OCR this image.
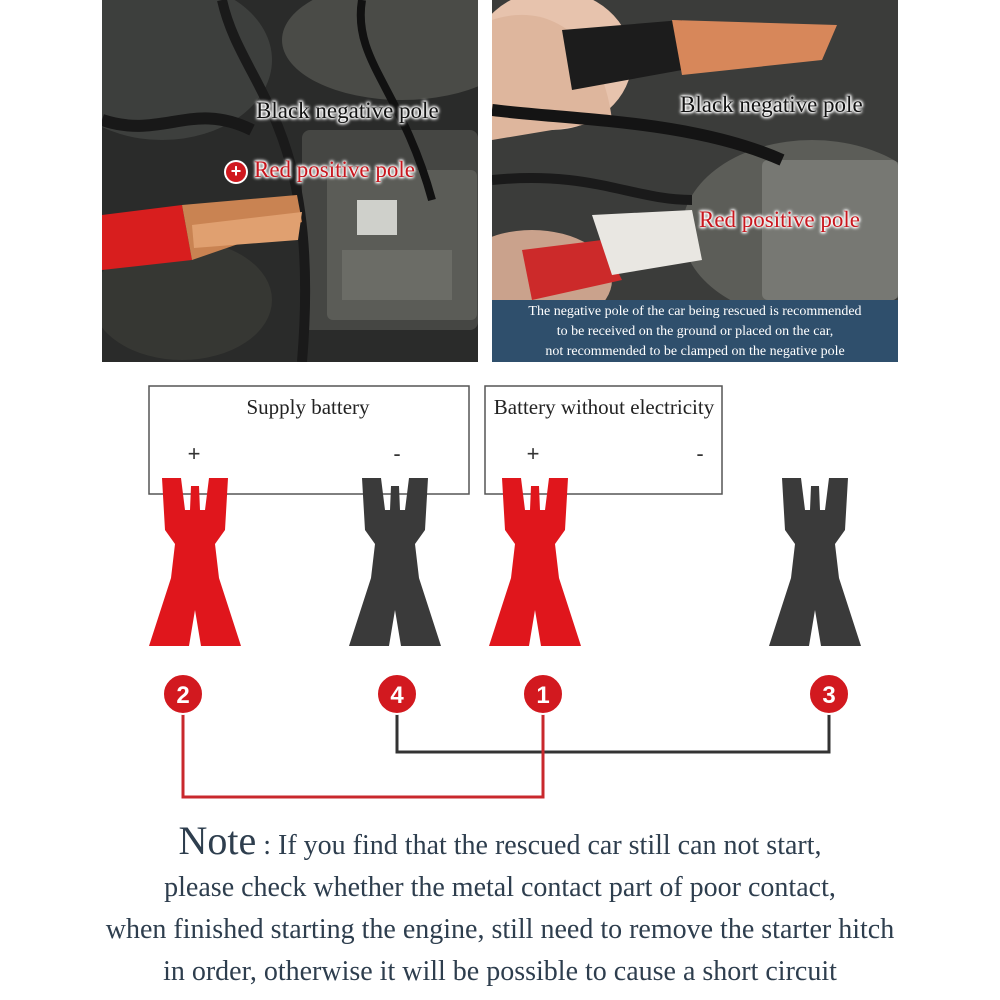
Black negative pole
+ Red positive pole
Black negative pole
Red positive pole
The negative pole of the car being rescued is recommended
to be received on the ground or placed on the car,
not recommended to be clamped on the negative pole
Supply battery
+	-
Battery without electricity
+	-
2	4	1	3
Note : If you find that the rescued car still can not start,
please check whether the metal contact part of poor contact,
when finished starting the engine, still need to remove the starter hitch
in order, otherwise it will be possible to cause a short circuit
